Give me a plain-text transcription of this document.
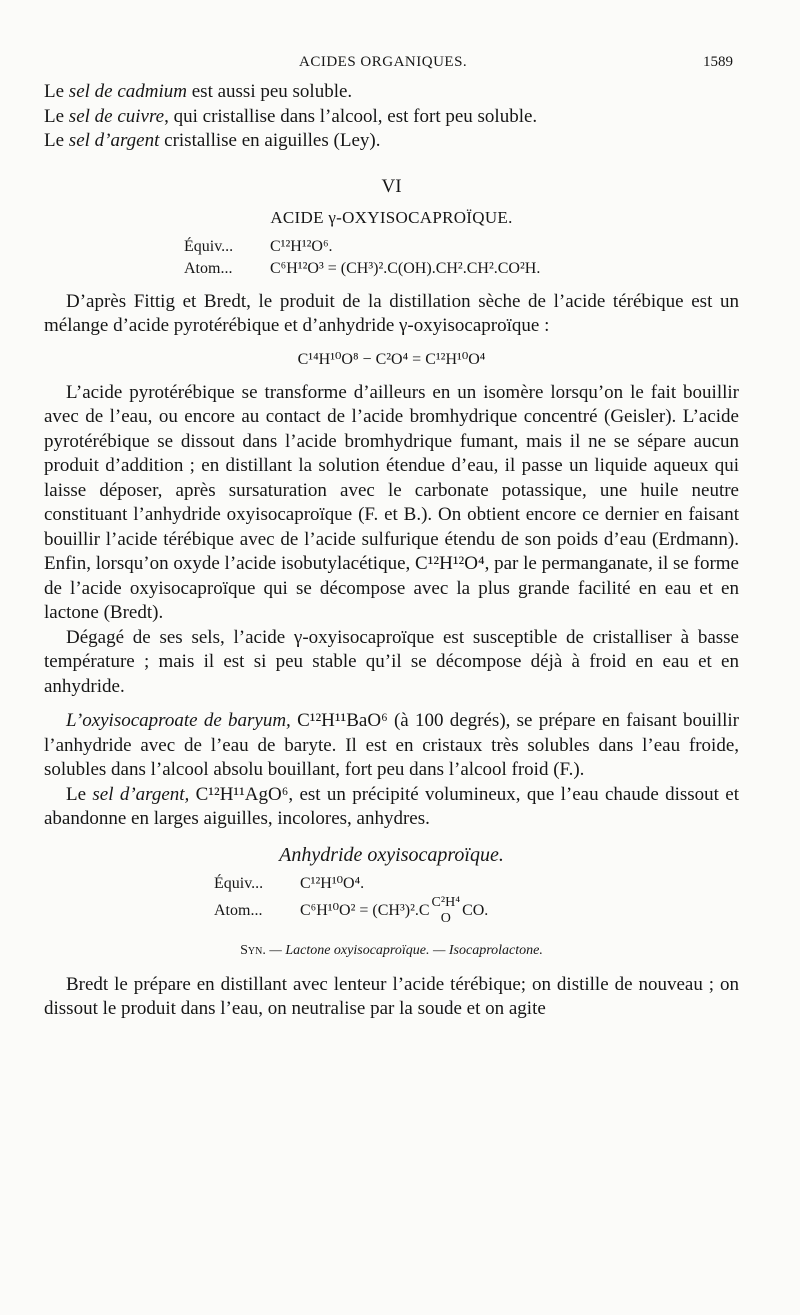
ACIDES ORGANIQUES.	1589

Le sel de cadmium est aussi peu soluble.

Le sel de cuivre, qui cristallise dans l’alcool, est fort peu soluble.

Le sel d’argent cristallise en aiguilles (Ley).

VI
ACIDE γ-OXYISOCAPROÏQUE.
Équiv... C¹²H¹²O⁶.
Atom... C⁶H¹²O³ = (CH³)².C(OH).CH².CH².CO²H.

D’après Fittig et Bredt, le produit de la distillation sèche de l’acide térébique est un mélange d’acide pyrotérébique et d’anhydride γ-oxyisocaproïque :

C¹⁴H¹⁰O⁸ − C²O⁴ = C¹²H¹⁰O⁴

L’acide pyrotérébique se transforme d’ailleurs en un isomère lorsqu’on le fait bouillir avec de l’eau, ou encore au contact de l’acide bromhydrique concentré (Geisler). L’acide pyrotérébique se dissout dans l’acide bromhydrique fumant, mais il ne se sépare aucun produit d’addition ; en distillant la solution étendue d’eau, il passe un liquide aqueux qui laisse déposer, après sursaturation avec le carbonate potassique, une huile neutre constituant l’anhydride oxyisocaproïque (F. et B.). On obtient encore ce dernier en faisant bouillir l’acide térébique avec de l’acide sulfurique étendu de son poids d’eau (Erdmann). Enfin, lorsqu’on oxyde l’acide isobutylacétique, C¹²H¹²O⁴, par le permanganate, il se forme de l’acide oxyisocaproïque qui se décompose avec la plus grande facilité en eau et en lactone (Bredt).

Dégagé de ses sels, l’acide γ-oxyisocaproïque est susceptible de cristalliser à basse température ; mais il est si peu stable qu’il se décompose déjà à froid en eau et en anhydride.

L’oxyisocaproate de baryum, C¹²H¹¹BaO⁶ (à 100 degrés), se prépare en faisant bouillir l’anhydride avec de l’eau de baryte. Il est en cristaux très solubles dans l’eau froide, solubles dans l’alcool absolu bouillant, fort peu dans l’alcool froid (F.).

Le sel d’argent, C¹²H¹¹AgO⁶, est un précipité volumineux, que l’eau chaude dissout et abandonne en larges aiguilles, incolores, anhydres.

Anhydride oxyisocaproïque.
Équiv... C¹²H¹⁰O⁴.
Atom...	C⁶H¹⁰O² = (CH³)².C C²H⁴
O CO.
Syn. — Lactone oxyisocaproïque. — Isocaprolactone.

Bredt le prépare en distillant avec lenteur l’acide térébique; on distille de nouveau ; on dissout le produit dans l’eau, on neutralise par la soude et on agite
